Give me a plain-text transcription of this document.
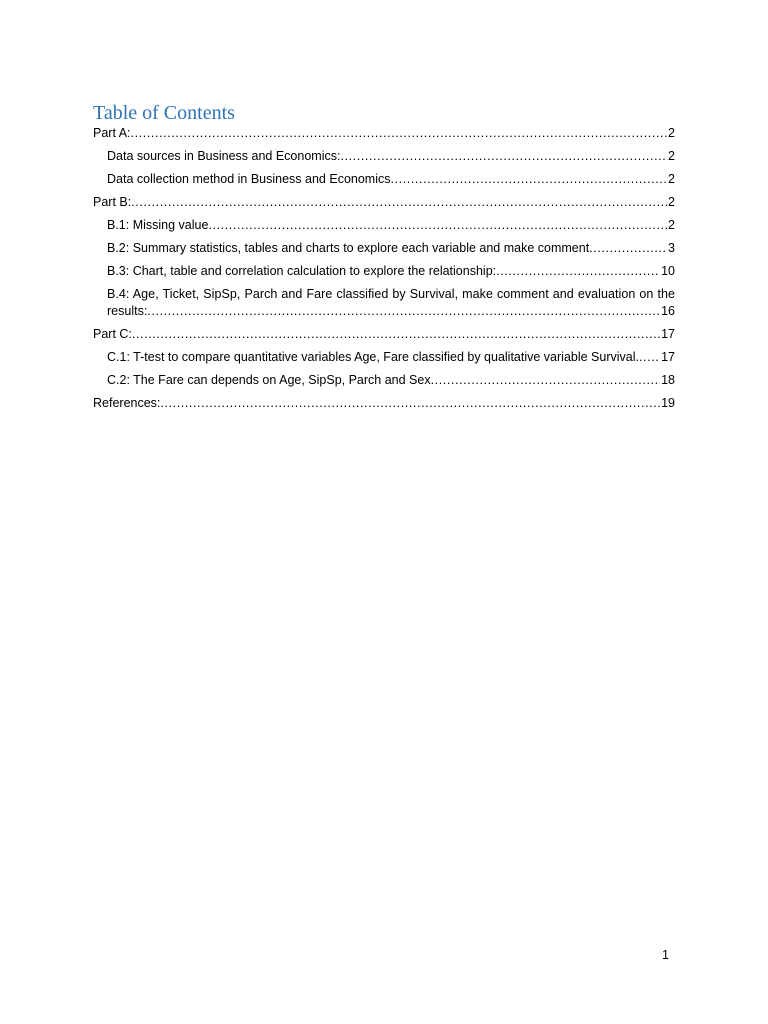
Table of Contents
Part A: .....	2
Data sources in Business and Economics: .....	2
Data collection method in Business and Economics .....	2
Part B: .....	2
B.1: Missing value .....	2
B.2: Summary statistics, tables and charts to explore each variable and make comment .....	3
B.3: Chart, table and correlation calculation to explore the relationship: .....	10
B.4: Age, Ticket, SipSp, Parch and Fare classified by Survival, make comment and evaluation on the
results: .....	16
Part C: .....	17
C.1: T-test to compare quantitative variables Age, Fare classified by qualitative variable Survival. ..... 17
C.2: The Fare can depends on Age, SipSp, Parch and Sex .....	18
References: .....	19
1
